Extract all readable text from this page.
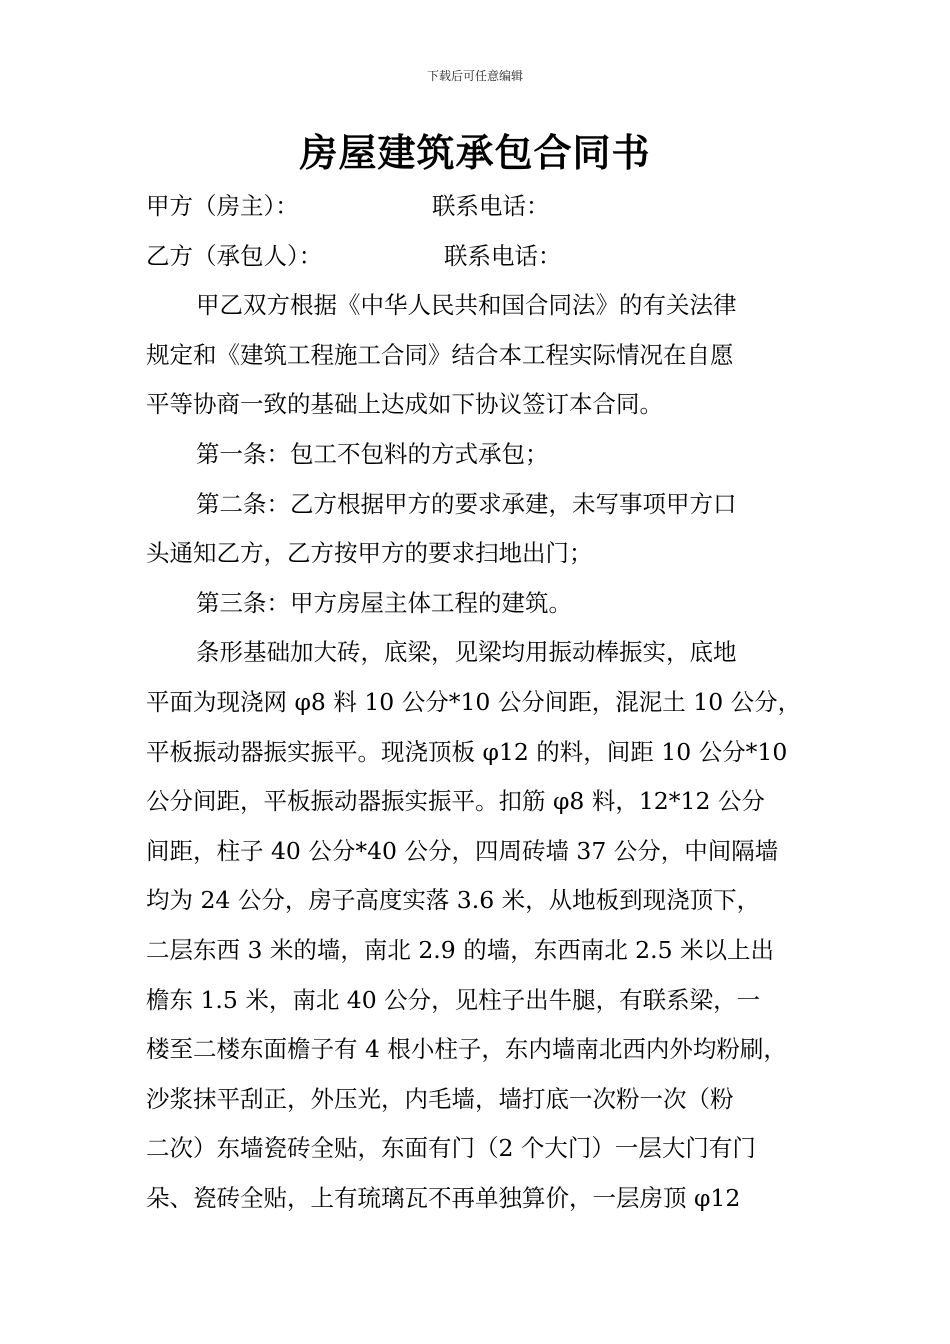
下载后可任意编辑
房屋建筑承包合同书
甲方（房主）：	联系电话：
乙方（承包人）：	联系电话：
甲乙双方根据《中华人民共和国合同法》的有关法律
规定和《建筑工程施工合同》结合本工程实际情况在自愿
平等协商一致的基础上达成如下协议签订本合同。
第一条：包工不包料的方式承包；
第二条：乙方根据甲方的要求承建，未写事项甲方口
头通知乙方，乙方按甲方的要求扫地出门；
第三条：甲方房屋主体工程的建筑。
条形基础加大砖，底梁，见梁均用振动棒振实，底地
平面为现浇网 φ8 料 10 公分*10 公分间距，混泥土 10 公分，
平板振动器振实振平。现浇顶板 φ12 的料，间距 10 公分*10
公分间距，平板振动器振实振平。扣筋 φ8 料，12*12 公分
间距，柱子 40 公分*40 公分，四周砖墙 37 公分，中间隔墙
均为 24 公分，房子高度实落 3.6 米，从地板到现浇顶下，
二层东西 3 米的墙，南北 2.9 的墙，东西南北 2.5 米以上出
檐东 1.5 米，南北 40 公分，见柱子出牛腿，有联系梁，一
楼至二楼东面檐子有 4 根小柱子，东内墙南北西内外均粉刷，
沙浆抹平刮正，外压光，内毛墙，墙打底一次粉一次（粉
二次）东墙瓷砖全贴，东面有门（2 个大门）一层大门有门
朵、瓷砖全贴，上有琉璃瓦不再单独算价，一层房顶 φ12
